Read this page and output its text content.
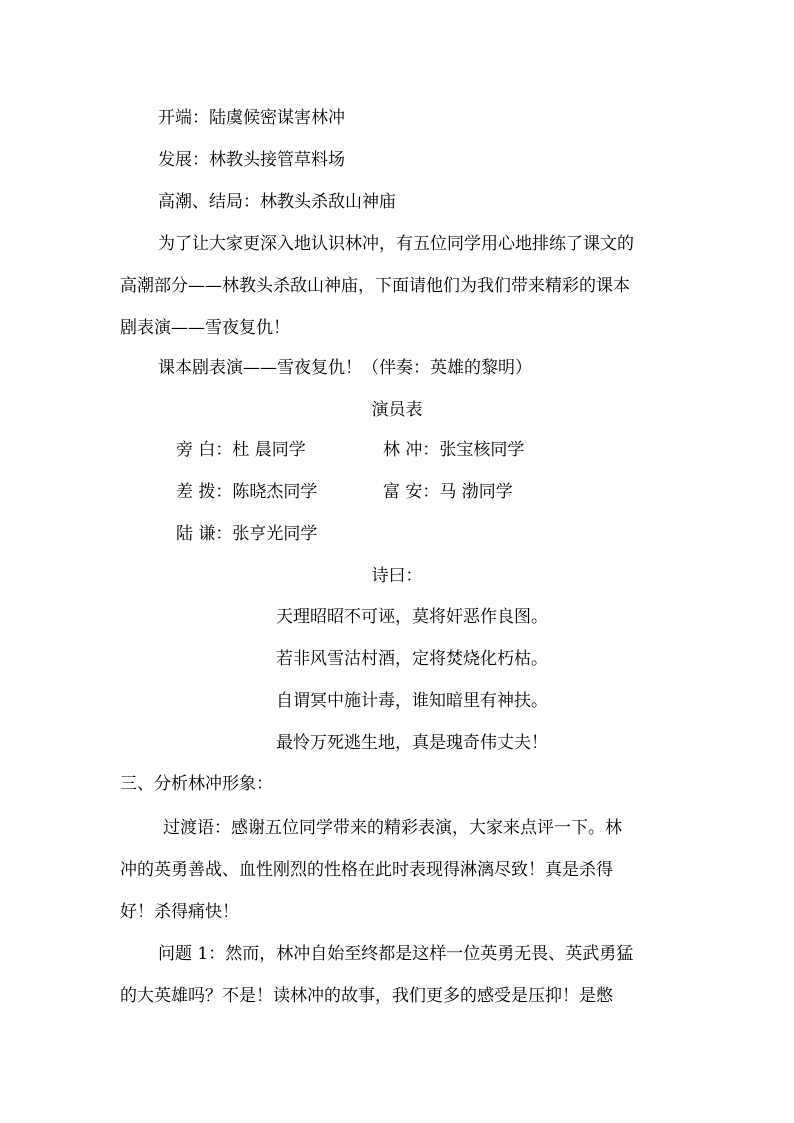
开端：陆虞候密谋害林冲
发展：林教头接管草料场
高潮、结局：林教头杀敌山神庙
为了让大家更深入地认识林冲，有五位同学用心地排练了课文的
高潮部分——林教头杀敌山神庙，下面请他们为我们带来精彩的课本
剧表演——雪夜复仇！
课本剧表演——雪夜复仇！（伴奏：英雄的黎明）
演员表
旁 白：杜 晨同学	林 冲：张宝核同学
差 拨：陈晓杰同学	富 安：马 渤同学
陆 谦：张亨光同学
诗曰：
天理昭昭不可诬，莫将奸恶作良图。
若非风雪沽村酒，定将焚烧化朽枯。
自谓冥中施计毒，谁知暗里有神扶。
最怜万死逃生地，真是瑰奇伟丈夫！
三、分析林冲形象：
过渡语：感谢五位同学带来的精彩表演，大家来点评一下。林
冲的英勇善战、血性刚烈的性格在此时表现得淋漓尽致！真是杀得
好！杀得痛快！
问题 1：然而，林冲自始至终都是这样一位英勇无畏、英武勇猛
的大英雄吗？不是！读林冲的故事，我们更多的感受是压抑！是憋
